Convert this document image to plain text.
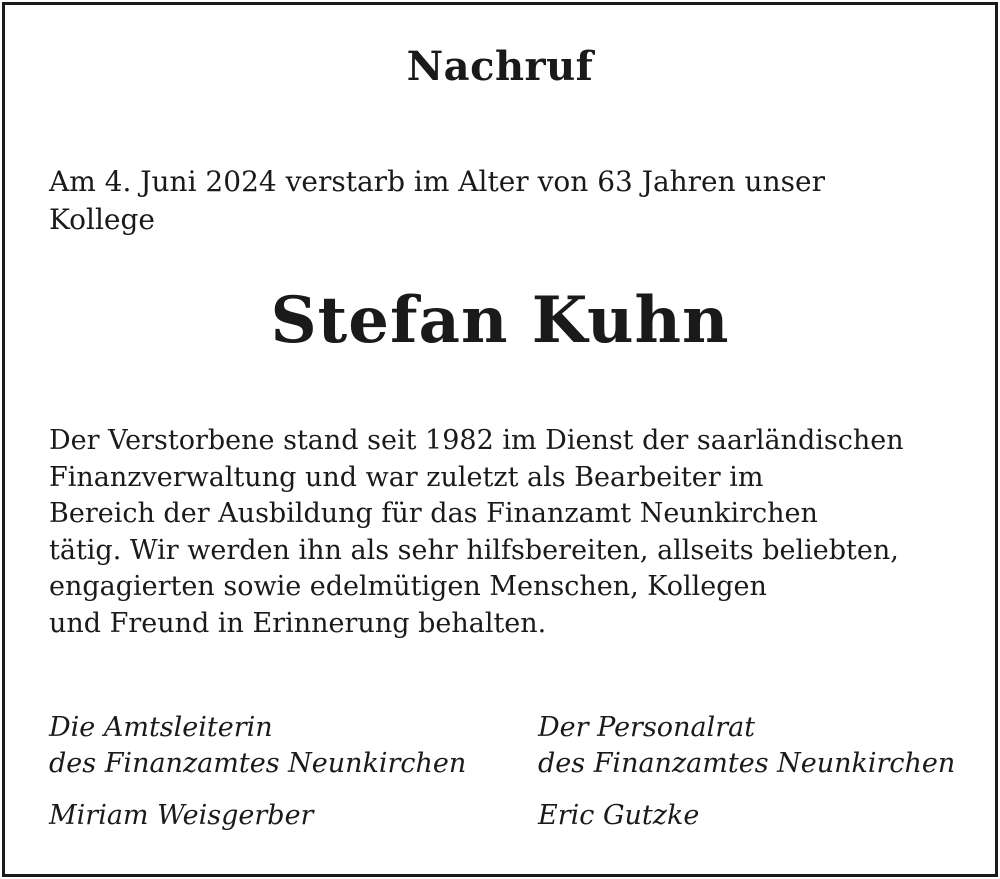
Nachruf
Am 4. Juni 2024 verstarb im Alter von 63 Jahren unser
Kollege
Stefan Kuhn
Der Verstorbene stand seit 1982 im Dienst der saarländischen
Finanzverwaltung und war zuletzt als Bearbeiter im
Bereich der Ausbildung für das Finanzamt Neunkirchen
tätig. Wir werden ihn als sehr hilfsbereiten, allseits beliebten,
engagierten sowie edelmütigen Menschen, Kollegen
und Freund in Erinnerung behalten.
Die Amtsleiterin
des Finanzamtes Neunkirchen
Miriam Weisgerber
Der Personalrat
des Finanzamtes Neunkirchen
Eric Gutzke
